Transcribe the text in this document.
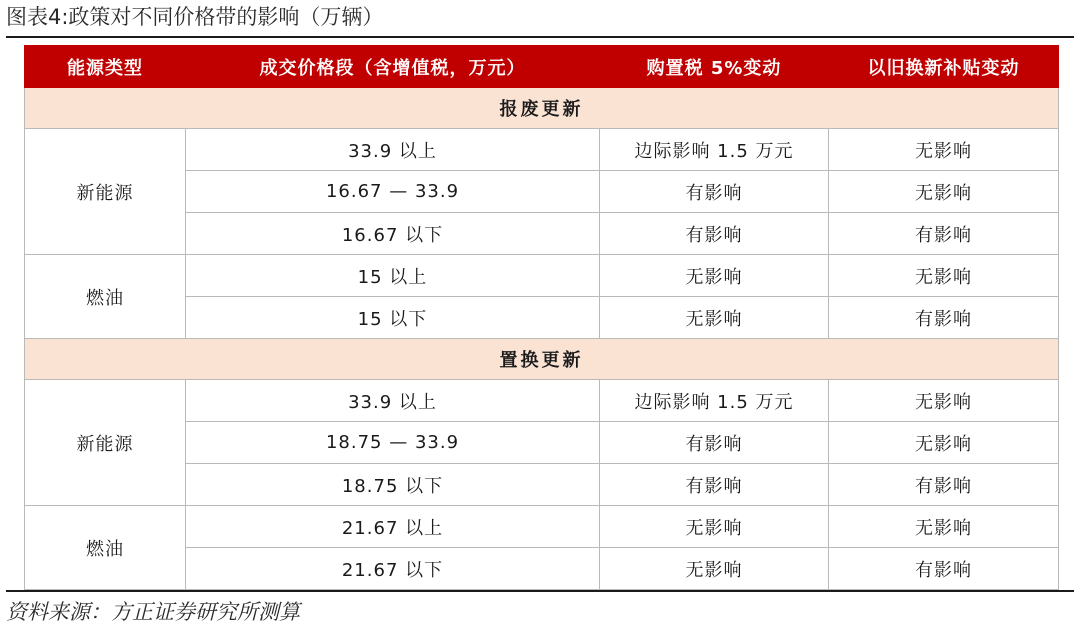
图表4:政策对不同价格带的影响（万辆）
能源类型	成交价格段（含增值税，万元）	购置税 5%变动	以旧换新补贴变动
报废更新			
新能源	33.9 以上	边际影响 1.5 万元	无影响
	16.67 — 33.9	有影响	无影响
	16.67 以下	有影响	有影响
燃油	15 以上	无影响	无影响
	15 以下	无影响	有影响
置换更新			
新能源	33.9 以上	边际影响 1.5 万元	无影响
	18.75 — 33.9	有影响	无影响
	18.75 以下	有影响	有影响
燃油	21.67 以上	无影响	无影响
	21.67 以下	无影响	有影响
资料来源：方正证券研究所测算
